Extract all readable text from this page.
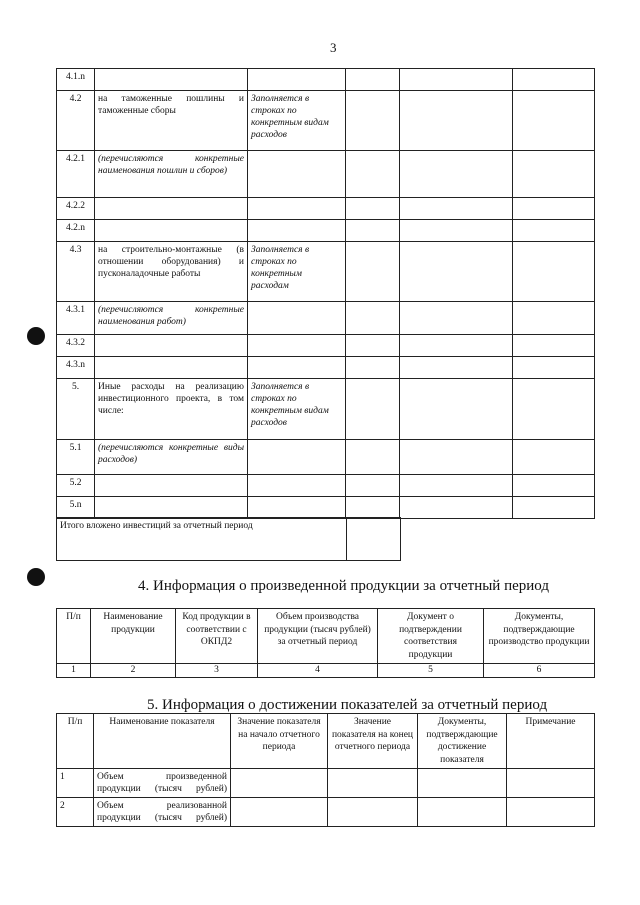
3
4.1.n					
4.2	на таможенные пошлины и таможенные сборы	Заполняется в строках по конкретным видам расходов			
4.2.1	(перечисляются конкретные наименования пошлин и сборов)				
4.2.2					
4.2.n					
4.3	на строительно-монтажные (в отношении оборудования) и пусконаладочные работы	Заполняется в строках по конкретным расходам			
4.3.1	(перечисляются конкретные наименования работ)				
4.3.2					
4.3.n					
5.	Иные расходы на реализацию инвестиционного проекта, в том числе:	Заполняется в строках по конкретным видам расходов			
5.1	(перечисляются конкретные виды расходов)				
5.2					
5.n					
Итого вложено инвестиций за отчетный период	
4. Информация о произведенной продукции за отчетный период
П/п	Наименование продукции	Код продукции в соответствии с ОКПД2	Объем производства продукции (тысяч рублей) за отчетный период	Документ о подтверждении соответствия продукции	Документы, подтверждающие производство продукции
1	2	3	4	5	6
5. Информация о достижении показателей за отчетный период
П/п	Наименование показателя	Значение показателя на начало отчетного периода	Значение показателя на конец отчетного периода	Документы, подтверждающие достижение показателя	Примечание
1	Объем произведенной продукции (тысяч рублей)				
2	Объем реализованной продукции (тысяч рублей)				
